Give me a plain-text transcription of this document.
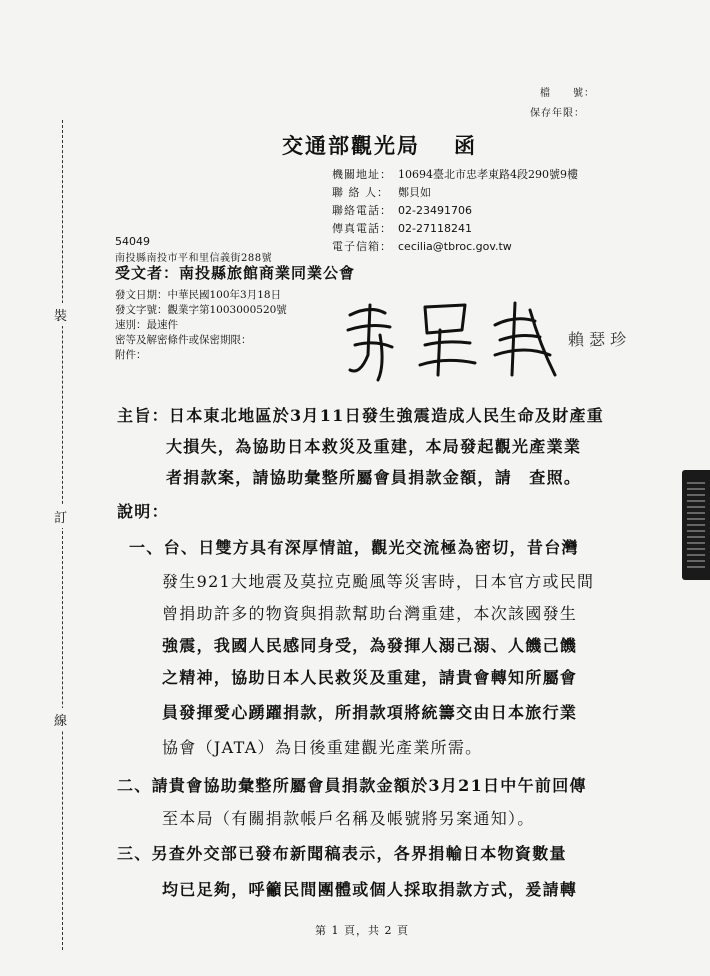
裝
訂
線
檔　　號：
保存年限：
交通部觀光局 函
機關地址： 10694臺北市忠孝東路4段290號9樓
聯 絡 人： 鄭貝如
聯絡電話： 02-23491706
傳真電話： 02-27118241
電子信箱： cecilia@tbroc.gov.tw
54049
南投縣南投市平和里信義街288號
受文者：南投縣旅館商業同業公會
發文日期：中華民國100年3月18日
發文字號：觀業字第1003000520號
速別：最速件
密等及解密條件或保密期限：
附件：
賴 瑟 珍
主旨：日本東北地區於3月11日發生強震造成人民生命及財產重
大損失，為協助日本救災及重建，本局發起觀光產業業
者捐款案，請協助彙整所屬會員捐款金額，請　查照。
說明：
一、台、日雙方具有深厚情誼，觀光交流極為密切，昔台灣
發生921大地震及莫拉克颱風等災害時，日本官方或民間
曾捐助許多的物資與捐款幫助台灣重建，本次該國發生
強震，我國人民感同身受，為發揮人溺己溺、人饑己饑
之精神，協助日本人民救災及重建，請貴會轉知所屬會
員發揮愛心踴躍捐款，所捐款項將統籌交由日本旅行業
協會（JATA）為日後重建觀光產業所需。
二、請貴會協助彙整所屬會員捐款金額於3月21日中午前回傳
至本局（有關捐款帳戶名稱及帳號將另案通知）。
三、另查外交部已發布新聞稿表示，各界捐輸日本物資數量
均已足夠，呼籲民間團體或個人採取捐款方式，爰請轉
第 1 頁，共 2 頁
